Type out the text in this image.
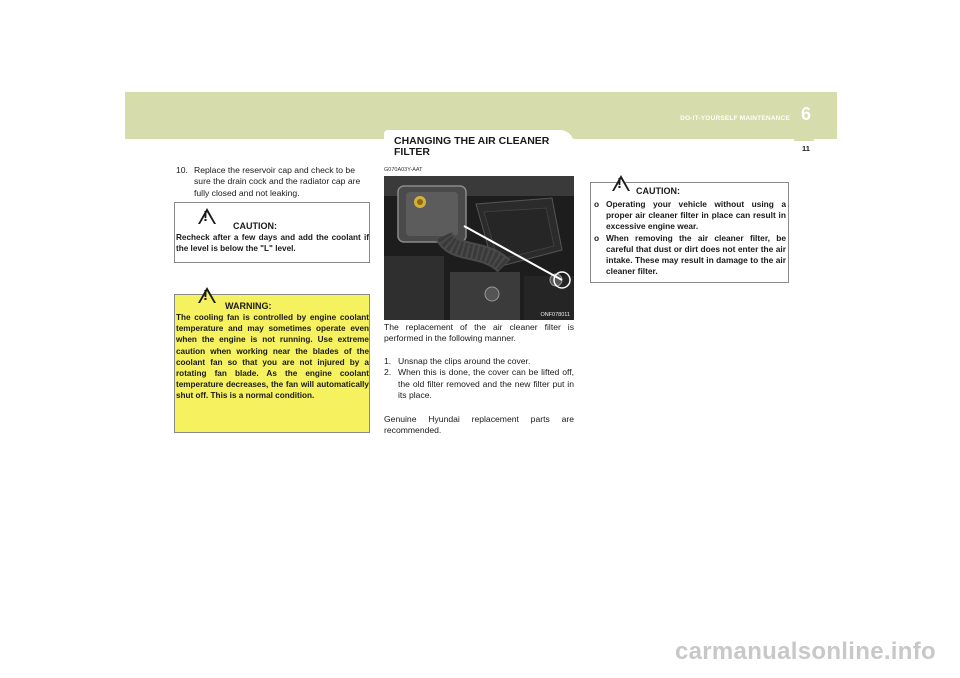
6
DO-IT-YOURSELF MAINTENANCE
11
10. Replace the reservoir cap and check to be sure the drain cock and the radiator cap are fully closed and not leaking.
!
CAUTION:
Recheck after a few days and add the coolant if the level is below the "L" level.
!
WARNING:
The cooling fan is controlled by engine coolant temperature and may sometimes operate even when the engine is not running. Use extreme caution when working near the blades of the coolant fan so that you are not injured by a rotating fan blade. As the engine coolant temperature decreases, the fan will automatically shut off. This is a normal condition.
CHANGING THE AIR CLEANER FILTER
G070A03Y-AAT
ONF078011
The replacement of the air cleaner filter is performed in the following manner.
1. Unsnap the clips around the cover.
2. When this is done, the cover can be lifted off, the old filter removed and the new filter put in its place.
Genuine Hyundai replacement parts are recommended.
! CAUTION:
o Operating your vehicle without using a proper air cleaner filter in place can result in excessive engine wear.
o When removing the air cleaner filter, be careful that dust or dirt does not enter the air intake. These may result in damage to the air cleaner filter.
carmanualsonline.info
